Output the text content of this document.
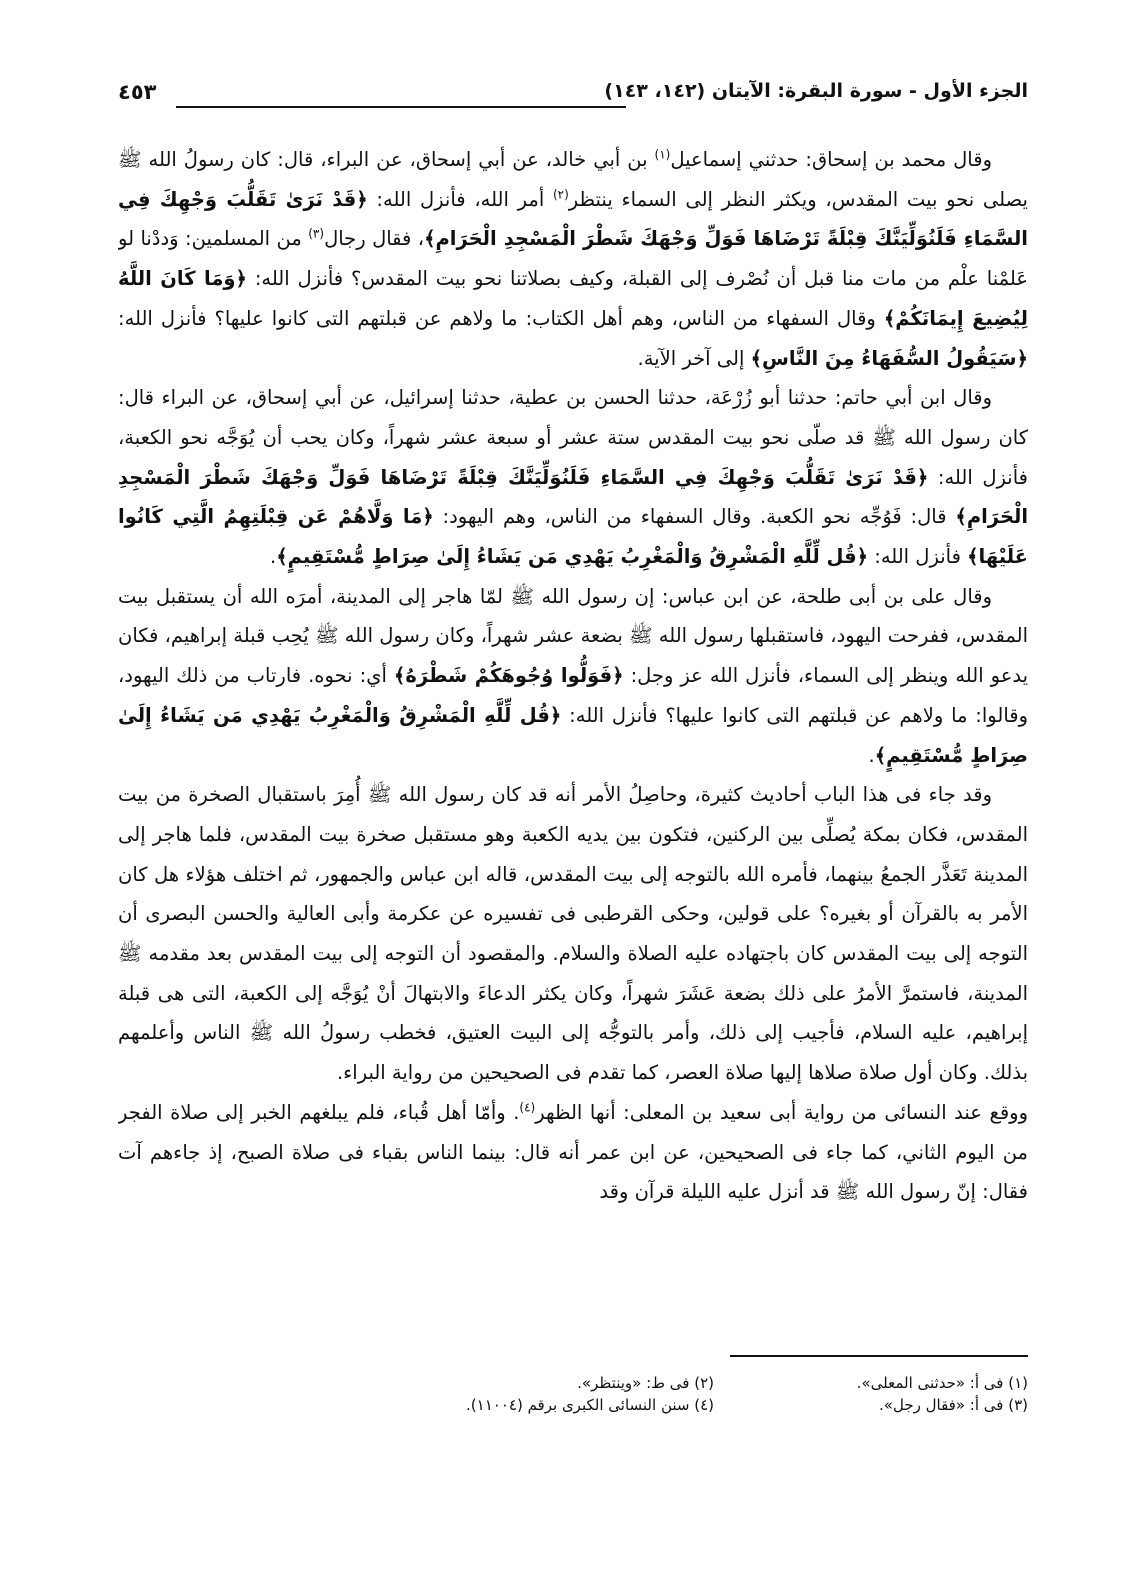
الجزء الأول - سورة البقرة: الآيتان (١٤٢، ١٤٣)
٤٥٣

وقال محمد بن إسحاق: حدثني إسماعيل$^{(١)}$ بن أبي خالد، عن أبي إسحاق، عن البراء، قال: كان رسولُ الله ﷺ يصلى نحو بيت المقدس، ويكثر النظر إلى السماء ينتظر$^{(٢)}$ أمر الله، فأنزل الله: ﴿قَدْ نَرَىٰ تَقَلُّبَ وَجْهِكَ فِي السَّمَاءِ فَلَنُوَلِّيَنَّكَ قِبْلَةً تَرْضَاهَا فَوَلِّ وَجْهَكَ شَطْرَ الْمَسْجِدِ الْحَرَامِ﴾، فقال رجال$^{(٣)}$ من المسلمين: وَددْنا لو عَلمْنا علْم من مات منا قبل أن نُصْرف إلى القبلة، وكيف بصلاتنا نحو بيت المقدس؟ فأنزل الله: ﴿وَمَا كَانَ اللَّهُ لِيُضِيعَ إِيمَانَكُمْ﴾ وقال السفهاء من الناس، وهم أهل الكتاب: ما ولاهم عن قبلتهم التى كانوا عليها؟ فأنزل الله: ﴿سَيَقُولُ السُّفَهَاءُ مِنَ النَّاسِ﴾ إلى آخر الآية.

وقال ابن أبي حاتم: حدثنا أبو زُرْعَة، حدثنا الحسن بن عطية، حدثنا إسرائيل، عن أبي إسحاق، عن البراء قال: كان رسول الله ﷺ قد صلّى نحو بيت المقدس ستة عشر أو سبعة عشر شهراً، وكان يحب أن يُوَجَّه نحو الكعبة، فأنزل الله: ﴿قَدْ نَرَىٰ تَقَلُّبَ وَجْهِكَ فِي السَّمَاءِ فَلَنُوَلِّيَنَّكَ قِبْلَةً تَرْضَاهَا فَوَلِّ وَجْهَكَ شَطْرَ الْمَسْجِدِ الْحَرَامِ﴾ قال: فَوُجِّه نحو الكعبة. وقال السفهاء من الناس، وهم اليهود: ﴿مَا وَلَّاهُمْ عَن قِبْلَتِهِمُ الَّتِي كَانُوا عَلَيْهَا﴾ فأنزل الله: ﴿قُل لِّلَّهِ الْمَشْرِقُ وَالْمَغْرِبُ يَهْدِي مَن يَشَاءُ إِلَىٰ صِرَاطٍ مُّسْتَقِيمٍ﴾.

وقال على بن أبى طلحة، عن ابن عباس: إن رسول الله ﷺ لمّا هاجر إلى المدينة، أمرَه الله أن يستقبل بيت المقدس، ففرحت اليهود، فاستقبلها رسول الله ﷺ بضعة عشر شهراً، وكان رسول الله ﷺ يُحِب قبلة إبراهيم، فكان يدعو الله وينظر إلى السماء، فأنزل الله عز وجل: ﴿فَوَلُّوا وُجُوهَكُمْ شَطْرَهُ﴾ أي: نحوه. فارتاب من ذلك اليهود، وقالوا: ما ولاهم عن قبلتهم التى كانوا عليها؟ فأنزل الله: ﴿قُل لِّلَّهِ الْمَشْرِقُ وَالْمَغْرِبُ يَهْدِي مَن يَشَاءُ إِلَىٰ صِرَاطٍ مُّسْتَقِيمٍ﴾.

وقد جاء فى هذا الباب أحاديث كثيرة، وحاصِلُ الأمر أنه قد كان رسول الله ﷺ أُمِرَ باستقبال الصخرة من بيت المقدس، فكان بمكة يُصلِّى بين الركنين، فتكون بين يديه الكعبة وهو مستقبل صخرة بيت المقدس، فلما هاجر إلى المدينة تَعَذَّر الجمعُ بينهما، فأمره الله بالتوجه إلى بيت المقدس، قاله ابن عباس والجمهور، ثم اختلف هؤلاء هل كان الأمر به بالقرآن أو بغيره؟ على قولين، وحكى القرطبى فى تفسيره عن عكرمة وأبى العالية والحسن البصرى أن التوجه إلى بيت المقدس كان باجتهاده عليه الصلاة والسلام. والمقصود أن التوجه إلى بيت المقدس بعد مقدمه ﷺ المدينة، فاستمرَّ الأمرُ على ذلك بضعة عَشَرَ شهراً، وكان يكثر الدعاءَ والابتهالَ أنْ يُوَجَّه إلى الكعبة، التى هى قبلة إبراهيم، عليه السلام، فأجيب إلى ذلك، وأمر بالتوجُّه إلى البيت العتيق، فخطب رسولُ الله ﷺ الناس وأعلمهم بذلك. وكان أول صلاة صلاها إليها صلاة العصر، كما تقدم فى الصحيحين من رواية البراء.

ووقع عند النسائى من رواية أبى سعيد بن المعلى: أنها الظهر$^{(٤)}$. وأمّا أهل قُباء، فلم يبلغهم الخبر إلى صلاة الفجر من اليوم الثاني، كما جاء فى الصحيحين، عن ابن عمر أنه قال: بينما الناس بقباء فى صلاة الصبح، إذ جاءهم آت فقال: إنّ رسول الله ﷺ قد أنزل عليه الليلة قرآن وقد

(١) فى أ: «حدثنى المعلى».
(٢) فى ط: «وينتظر».
(٣) فى أ: «فقال رجل».
(٤) سنن النسائى الكبرى برقم (١١٠٠٤).
